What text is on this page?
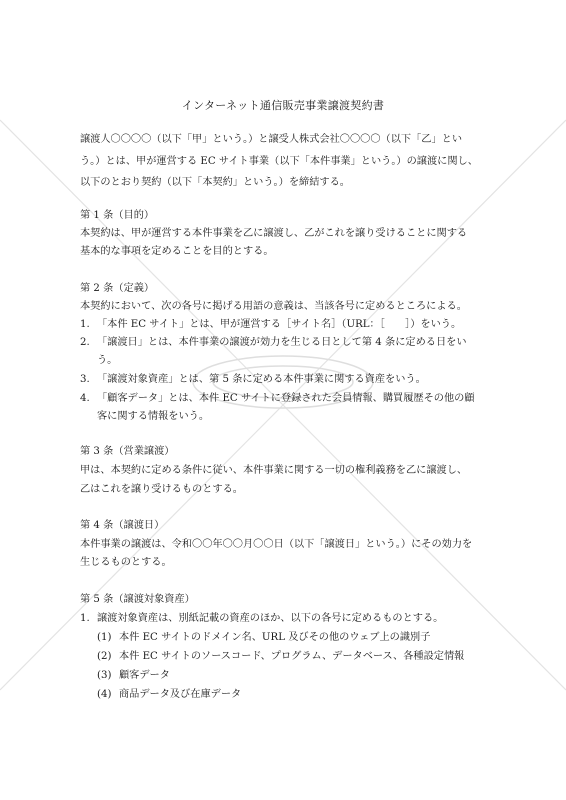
インターネット通信販売事業譲渡契約書
譲渡人〇〇〇〇（以下「甲」という。）と譲受人株式会社〇〇〇〇（以下「乙」とい
う。）とは、甲が運営する EC サイト事業（以下「本件事業」という。）の譲渡に関し、
以下のとおり契約（以下「本契約」という。）を締結する。
第 1 条（目的）
本契約は、甲が運営する本件事業を乙に譲渡し、乙がこれを譲り受けることに関する
基本的な事項を定めることを目的とする。
第 2 条（定義）
本契約において、次の各号に掲げる用語の意義は、当該各号に定めるところによる。
1. 「本件 EC サイト」とは、甲が運営する［サイト名］（URL：［　　］）をいう。
2. 「譲渡日」とは、本件事業の譲渡が効力を生じる日として第 4 条に定める日をい
う。
3. 「譲渡対象資産」とは、第 5 条に定める本件事業に関する資産をいう。
4. 「顧客データ」とは、本件 EC サイトに登録された会員情報、購買履歴その他の顧
客に関する情報をいう。
第 3 条（営業譲渡）
甲は、本契約に定める条件に従い、本件事業に関する一切の権利義務を乙に譲渡し、
乙はこれを譲り受けるものとする。
第 4 条（譲渡日）
本件事業の譲渡は、令和〇〇年〇〇月〇〇日（以下「譲渡日」という。）にその効力を
生じるものとする。
第 5 条（譲渡対象資産）
1. 譲渡対象資産は、別紙記載の資産のほか、以下の各号に定めるものとする。
(1) 本件 EC サイトのドメイン名、URL 及びその他のウェブ上の識別子
(2) 本件 EC サイトのソースコード、プログラム、データベース、各種設定情報
(3) 顧客データ
(4) 商品データ及び在庫データ
